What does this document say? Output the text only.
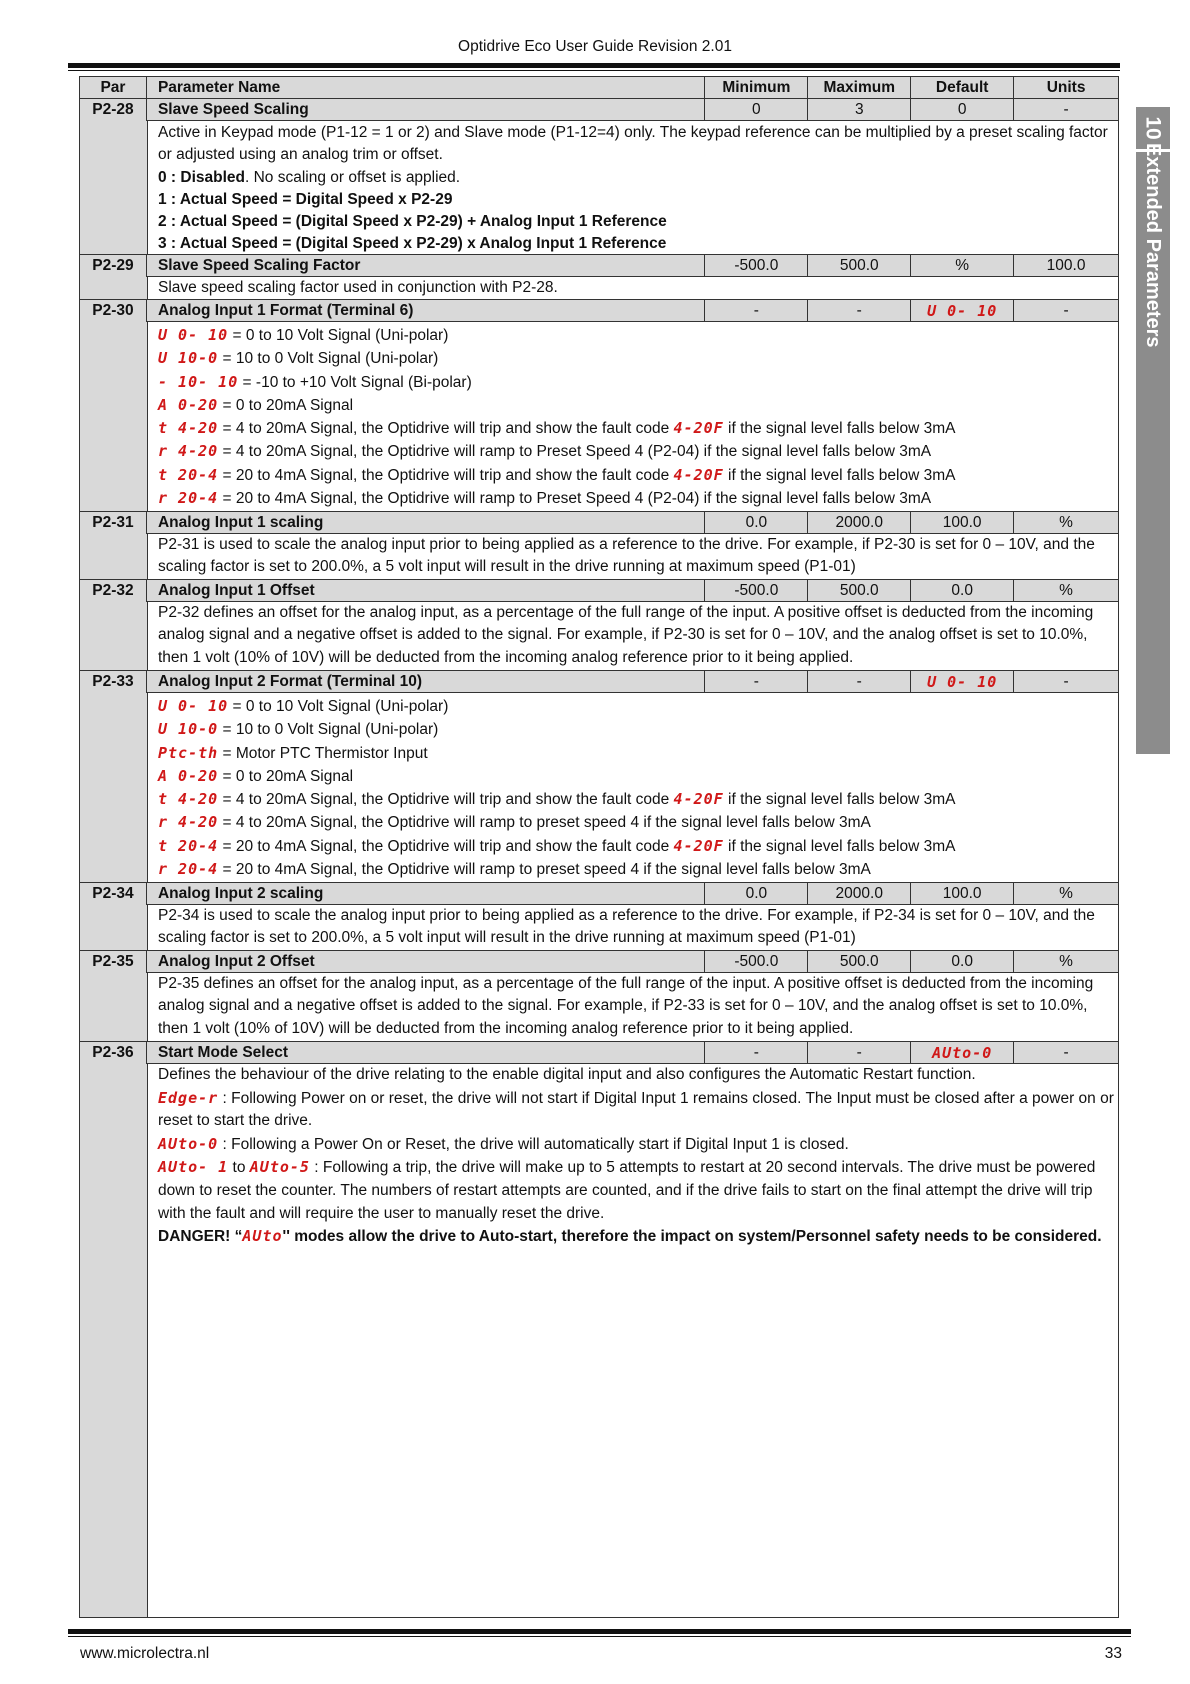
Optidrive Eco User Guide Revision 2.01
10
Extended Parameters
Par	Parameter Name	Minimum	Maximum	Default	Units
P2-28	Slave Speed Scaling	0	3	0	-

Active in Keypad mode (P1-12 = 1 or 2) and Slave mode (P1-12=4) only. The keypad reference can be multiplied by a preset scaling factor or adjusted using an analog trim or offset.

0 : Disabled. No scaling or offset is applied.

1 : Actual Speed = Digital Speed x P2-29

2 : Actual Speed = (Digital Speed x P2-29) + Analog Input 1 Reference

3 : Actual Speed = (Digital Speed x P2-29) x Analog Input 1 Reference

P2-29	Slave Speed Scaling Factor	-500.0	500.0	%	100.0

Slave speed scaling factor used in conjunction with P2-28.

P2-30	Analog Input 1 Format (Terminal 6)	-	-	U 0- 10	-

U 0- 10 = 0 to 10 Volt Signal (Uni-polar)

U 10-0 = 10 to 0 Volt Signal (Uni-polar)

- 10- 10 = -10 to +10 Volt Signal (Bi-polar)

A 0-20 = 0 to 20mA Signal

t 4-20 = 4 to 20mA Signal, the Optidrive will trip and show the fault code 4-20F if the signal level falls below 3mA

r 4-20 = 4 to 20mA Signal, the Optidrive will ramp to Preset Speed 4 (P2-04) if the signal level falls below 3mA

t 20-4 = 20 to 4mA Signal, the Optidrive will trip and show the fault code 4-20F if the signal level falls below 3mA

r 20-4 = 20 to 4mA Signal, the Optidrive will ramp to Preset Speed 4 (P2-04) if the signal level falls below 3mA

P2-31	Analog Input 1 scaling	0.0	2000.0	100.0	%

P2-31 is used to scale the analog input prior to being applied as a reference to the drive. For example, if P2-30 is set for 0 – 10V, and the scaling factor is set to 200.0%, a 5 volt input will result in the drive running at maximum speed (P1-01)

P2-32	Analog Input 1 Offset	-500.0	500.0	0.0	%

P2-32 defines an offset for the analog input, as a percentage of the full range of the input. A positive offset is deducted from the incoming analog signal and a negative offset is added to the signal. For example, if P2-30 is set for 0 – 10V, and the analog offset is set to 10.0%, then 1 volt (10% of 10V) will be deducted from the incoming analog reference prior to it being applied.

P2-33	Analog Input 2 Format (Terminal 10)	-	-	U 0- 10	-

U 0- 10 = 0 to 10 Volt Signal (Uni-polar)

U 10-0 = 10 to 0 Volt Signal (Uni-polar)

Ptc-th = Motor PTC Thermistor Input

A 0-20 = 0 to 20mA Signal

t 4-20 = 4 to 20mA Signal, the Optidrive will trip and show the fault code 4-20F if the signal level falls below 3mA

r 4-20 = 4 to 20mA Signal, the Optidrive will ramp to preset speed 4 if the signal level falls below 3mA

t 20-4 = 20 to 4mA Signal, the Optidrive will trip and show the fault code 4-20F if the signal level falls below 3mA

r 20-4 = 20 to 4mA Signal, the Optidrive will ramp to preset speed 4 if the signal level falls below 3mA

P2-34	Analog Input 2 scaling	0.0	2000.0	100.0	%

P2-34 is used to scale the analog input prior to being applied as a reference to the drive. For example, if P2-34 is set for 0 – 10V, and the scaling factor is set to 200.0%, a 5 volt input will result in the drive running at maximum speed (P1-01)

P2-35	Analog Input 2 Offset	-500.0	500.0	0.0	%

P2-35 defines an offset for the analog input, as a percentage of the full range of the input. A positive offset is deducted from the incoming analog signal and a negative offset is added to the signal. For example, if P2-33 is set for 0 – 10V, and the analog offset is set to 10.0%, then 1 volt (10% of 10V) will be deducted from the incoming analog reference prior to it being applied.

P2-36	Start Mode Select	-	-	AUto-0	-

Defines the behaviour of the drive relating to the enable digital input and also configures the Automatic Restart function.

Edge-r : Following Power on or reset, the drive will not start if Digital Input 1 remains closed. The Input must be closed after a power on or reset to start the drive.

AUto-0 : Following a Power On or Reset, the drive will automatically start if Digital Input 1 is closed.

AUto- 1 to AUto-5 : Following a trip, the drive will make up to 5 attempts to restart at 20 second intervals. The drive must be powered down to reset the counter. The numbers of restart attempts are counted, and if the drive fails to start on the final attempt the drive will trip with the fault and will require the user to manually reset the drive.

DANGER! “AUto'' modes allow the drive to Auto-start, therefore the impact on system/Personnel safety needs to be considered.

www.microlectra.nl	33
